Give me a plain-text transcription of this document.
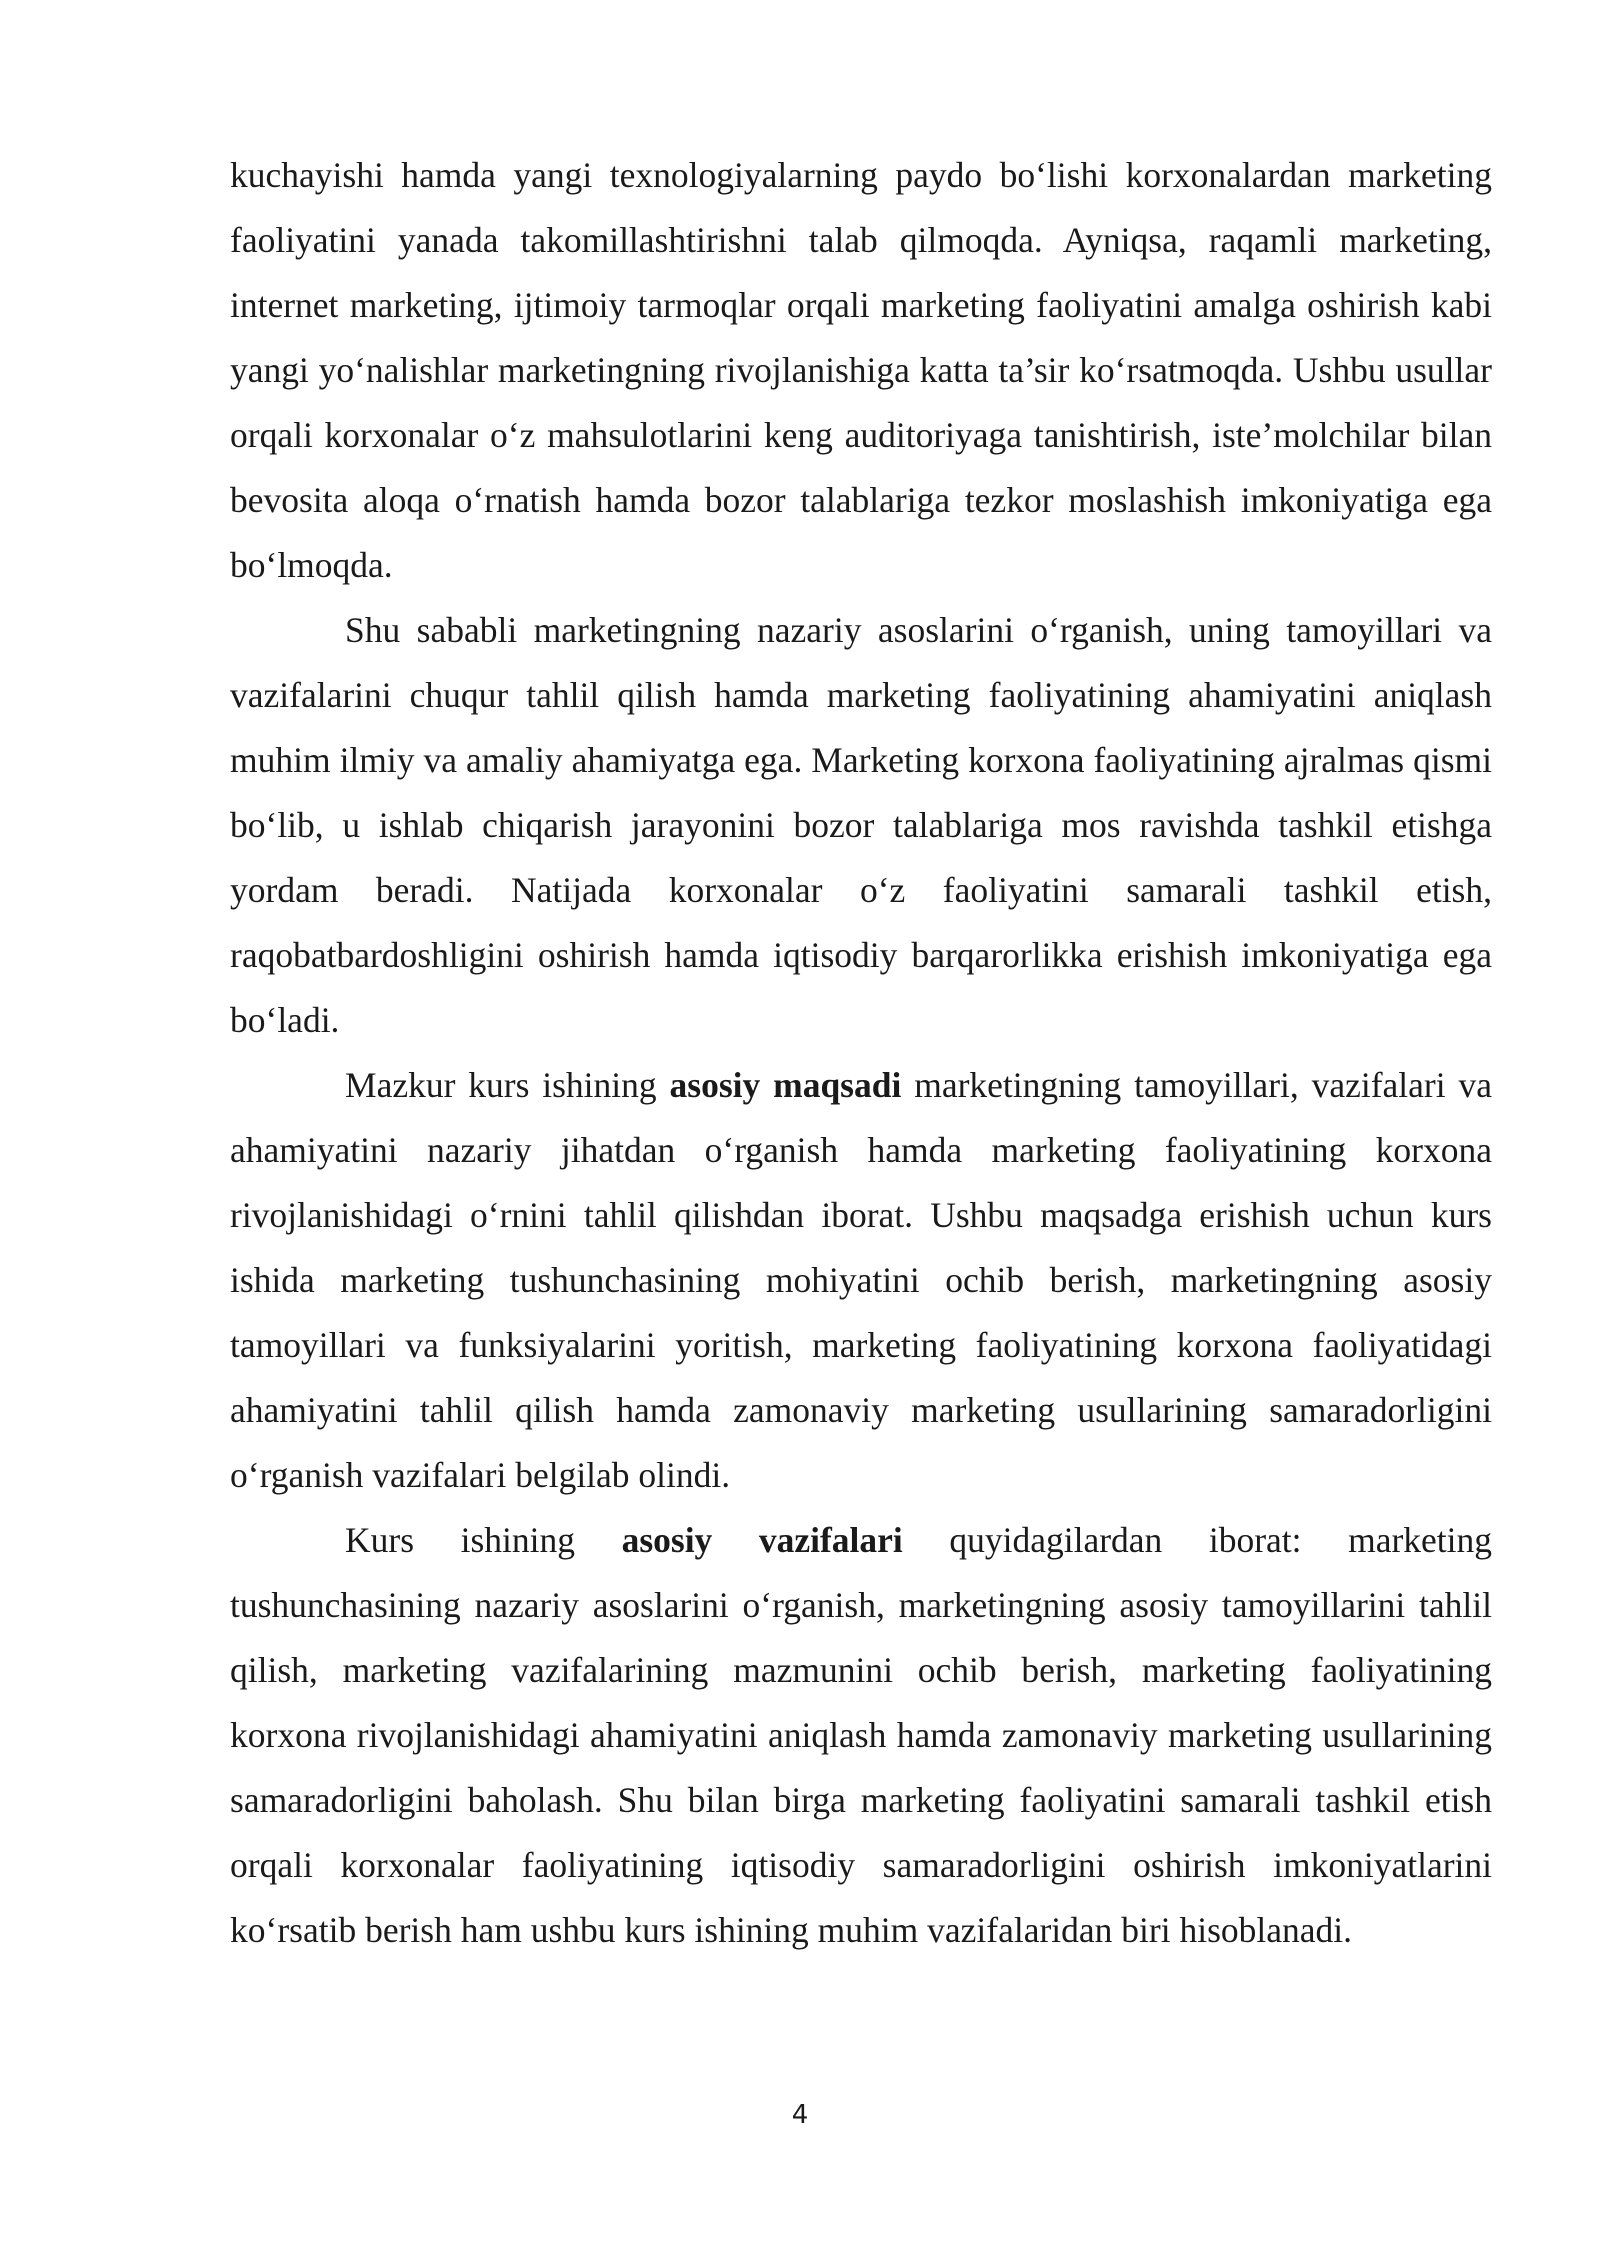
kuchayishi hamda yangi texnologiyalarning paydo bo‘lishi korxonalardan marketing faoliyatini yanada takomillashtirishni talab qilmoqda. Ayniqsa, raqamli marketing, internet marketing, ijtimoiy tarmoqlar orqali marketing faoliyatini amalga oshirish kabi yangi yo‘nalishlar marketingning rivojlanishiga katta ta’sir ko‘rsatmoqda. Ushbu usullar orqali korxonalar o‘z mahsulotlarini keng auditoriyaga tanishtirish, iste’molchilar bilan bevosita aloqa o‘rnatish hamda bozor talablariga tezkor moslashish imkoniyatiga ega bo‘lmoqda.

Shu sababli marketingning nazariy asoslarini o‘rganish, uning tamoyillari va vazifalarini chuqur tahlil qilish hamda marketing faoliyatining ahamiyatini aniqlash muhim ilmiy va amaliy ahamiyatga ega. Marketing korxona faoliyatining ajralmas qismi bo‘lib, u ishlab chiqarish jarayonini bozor talablariga mos ravishda tashkil etishga yordam beradi. Natijada korxonalar o‘z faoliyatini samarali tashkil etish, raqobatbardoshligini oshirish hamda iqtisodiy barqarorlikka erishish imkoniyatiga ega bo‘ladi.

Mazkur kurs ishining asosiy maqsadi marketingning tamoyillari, vazifalari va ahamiyatini nazariy jihatdan o‘rganish hamda marketing faoliyatining korxona rivojlanishidagi o‘rnini tahlil qilishdan iborat. Ushbu maqsadga erishish uchun kurs ishida marketing tushunchasining mohiyatini ochib berish, marketingning asosiy tamoyillari va funksiyalarini yoritish, marketing faoliyatining korxona faoliyatidagi ahamiyatini tahlil qilish hamda zamonaviy marketing usullarining samaradorligini o‘rganish vazifalari belgilab olindi.

Kurs ishining asosiy vazifalari quyidagilardan iborat: marketing tushunchasining nazariy asoslarini o‘rganish, marketingning asosiy tamoyillarini tahlil qilish, marketing vazifalarining mazmunini ochib berish, marketing faoliyatining korxona rivojlanishidagi ahamiyatini aniqlash hamda zamonaviy marketing usullarining samaradorligini baholash. Shu bilan birga marketing faoliyatini samarali tashkil etish orqali korxonalar faoliyatining iqtisodiy samaradorligini oshirish imkoniyatlarini ko‘rsatib berish ham ushbu kurs ishining muhim vazifalaridan biri hisoblanadi.

4
